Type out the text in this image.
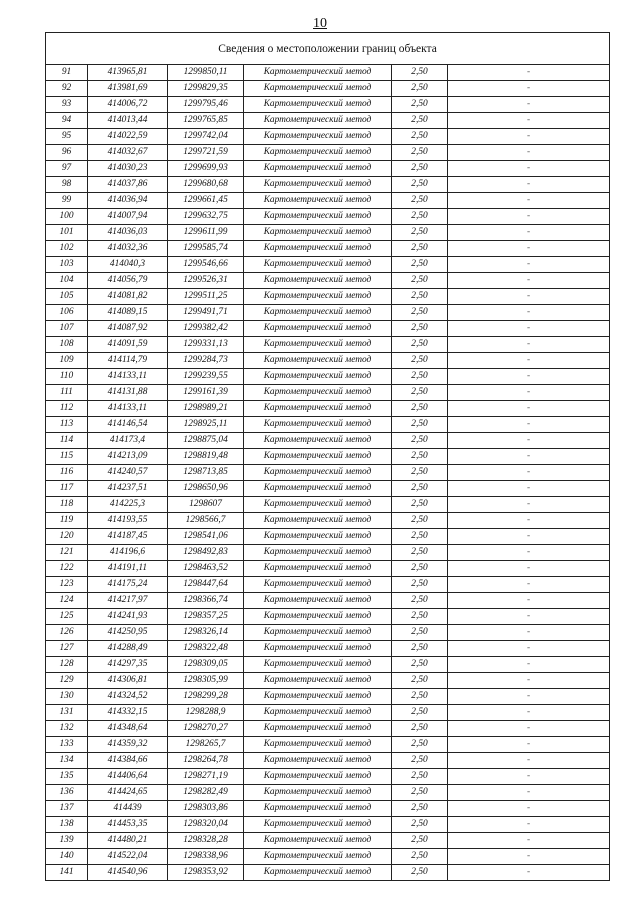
10
Сведения о местоположении границ объекта					
91	413965,81	1299850,11	Картометрический метод	2,50	-
92	413981,69	1299829,35	Картометрический метод	2,50	-
93	414006,72	1299795,46	Картометрический метод	2,50	-
94	414013,44	1299765,85	Картометрический метод	2,50	-
95	414022,59	1299742,04	Картометрический метод	2,50	-
96	414032,67	1299721,59	Картометрический метод	2,50	-
97	414030,23	1299699,93	Картометрический метод	2,50	-
98	414037,86	1299680,68	Картометрический метод	2,50	-
99	414036,94	1299661,45	Картометрический метод	2,50	-
100	414007,94	1299632,75	Картометрический метод	2,50	-
101	414036,03	1299611,99	Картометрический метод	2,50	-
102	414032,36	1299585,74	Картометрический метод	2,50	-
103	414040,3	1299546,66	Картометрический метод	2,50	-
104	414056,79	1299526,31	Картометрический метод	2,50	-
105	414081,82	1299511,25	Картометрический метод	2,50	-
106	414089,15	1299491,71	Картометрический метод	2,50	-
107	414087,92	1299382,42	Картометрический метод	2,50	-
108	414091,59	1299331,13	Картометрический метод	2,50	-
109	414114,79	1299284,73	Картометрический метод	2,50	-
110	414133,11	1299239,55	Картометрический метод	2,50	-
111	414131,88	1299161,39	Картометрический метод	2,50	-
112	414133,11	1298989,21	Картометрический метод	2,50	-
113	414146,54	1298925,11	Картометрический метод	2,50	-
114	414173,4	1298875,04	Картометрический метод	2,50	-
115	414213,09	1298819,48	Картометрический метод	2,50	-
116	414240,57	1298713,85	Картометрический метод	2,50	-
117	414237,51	1298650,96	Картометрический метод	2,50	-
118	414225,3	1298607	Картометрический метод	2,50	-
119	414193,55	1298566,7	Картометрический метод	2,50	-
120	414187,45	1298541,06	Картометрический метод	2,50	-
121	414196,6	1298492,83	Картометрический метод	2,50	-
122	414191,11	1298463,52	Картометрический метод	2,50	-
123	414175,24	1298447,64	Картометрический метод	2,50	-
124	414217,97	1298366,74	Картометрический метод	2,50	-
125	414241,93	1298357,25	Картометрический метод	2,50	-
126	414250,95	1298326,14	Картометрический метод	2,50	-
127	414288,49	1298322,48	Картометрический метод	2,50	-
128	414297,35	1298309,05	Картометрический метод	2,50	-
129	414306,81	1298305,99	Картометрический метод	2,50	-
130	414324,52	1298299,28	Картометрический метод	2,50	-
131	414332,15	1298288,9	Картометрический метод	2,50	-
132	414348,64	1298270,27	Картометрический метод	2,50	-
133	414359,32	1298265,7	Картометрический метод	2,50	-
134	414384,66	1298264,78	Картометрический метод	2,50	-
135	414406,64	1298271,19	Картометрический метод	2,50	-
136	414424,65	1298282,49	Картометрический метод	2,50	-
137	414439	1298303,86	Картометрический метод	2,50	-
138	414453,35	1298320,04	Картометрический метод	2,50	-
139	414480,21	1298328,28	Картометрический метод	2,50	-
140	414522,04	1298338,96	Картометрический метод	2,50	-
141	414540,96	1298353,92	Картометрический метод	2,50	-
